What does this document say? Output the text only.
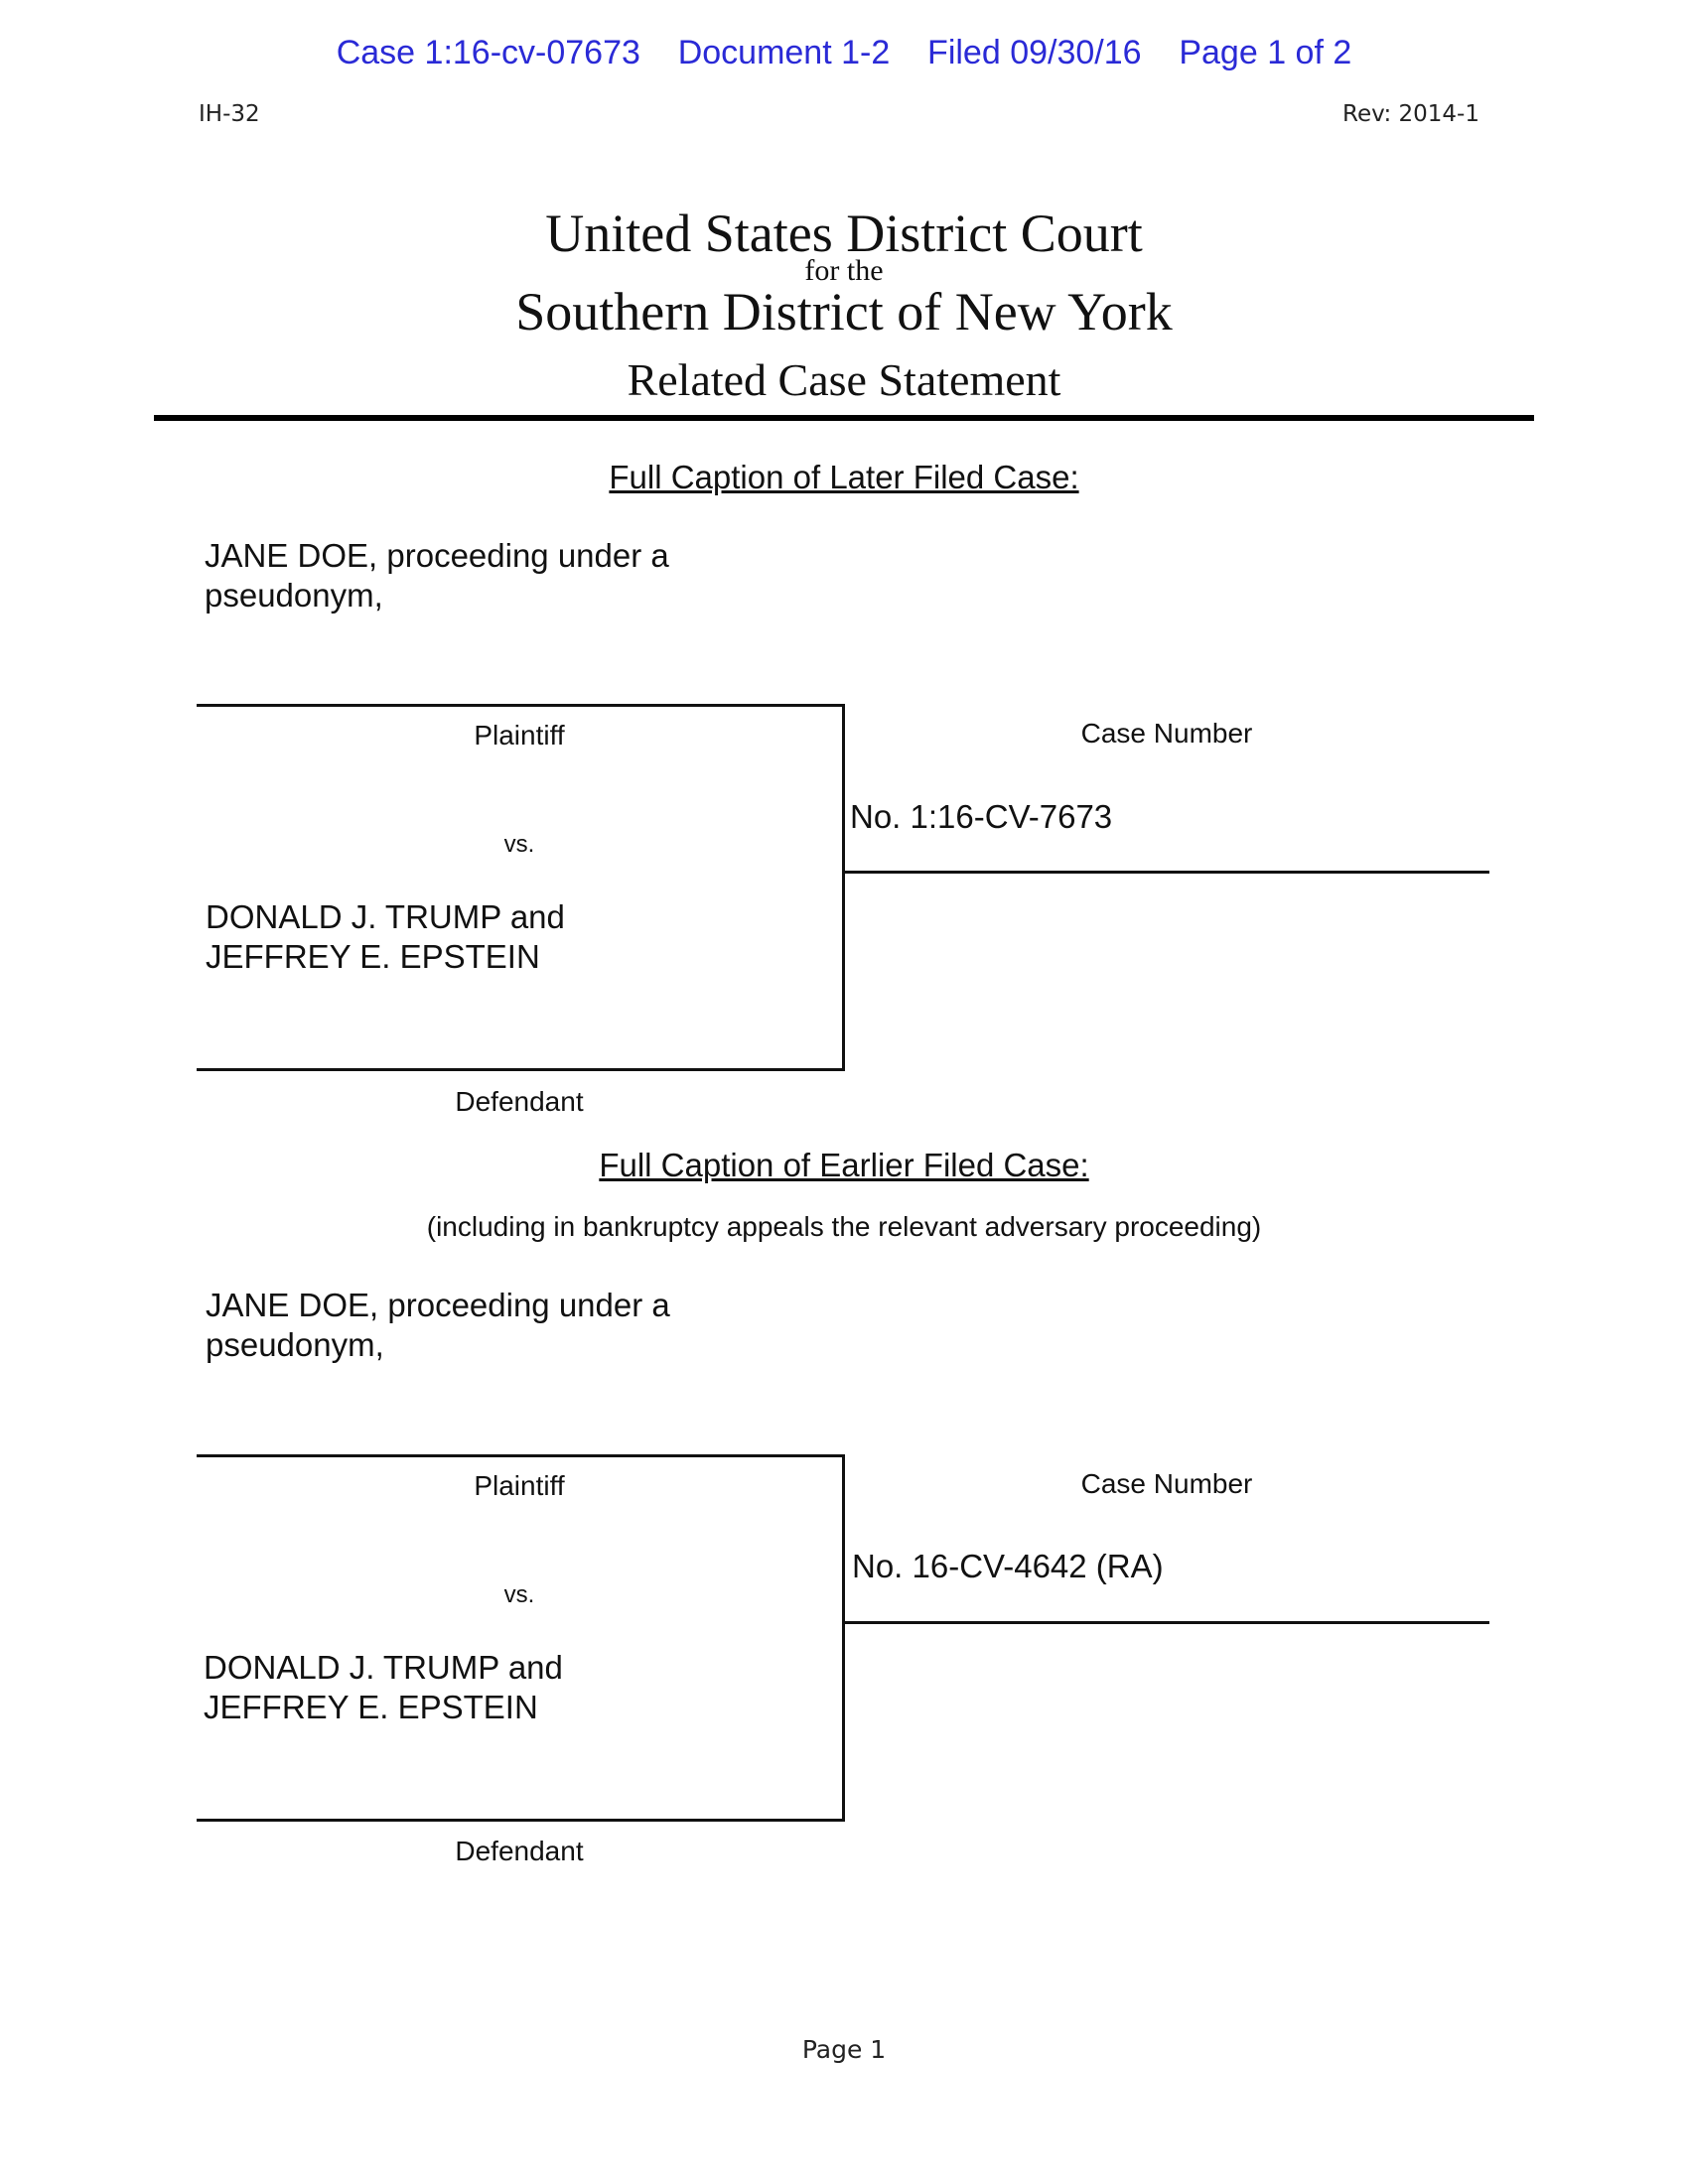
Case 1:16-cv-07673 Document 1-2 Filed 09/30/16 Page 1 of 2
IH-32	Rev: 2014-1
United States District Court
for the
Southern District of New York
Related Case Statement
Full Caption of Later Filed Case:
JANE DOE, proceeding under a
pseudonym,
Plaintiff	Case Number
No. 1:16-CV-7673
vs.
DONALD J. TRUMP and
JEFFREY E. EPSTEIN
Defendant
Full Caption of Earlier Filed Case:
(including in bankruptcy appeals the relevant adversary proceeding)
JANE DOE, proceeding under a
pseudonym,
Plaintiff	Case Number
No. 16-CV-4642 (RA)
vs.
DONALD J. TRUMP and
JEFFREY E. EPSTEIN
Defendant
Page 1
